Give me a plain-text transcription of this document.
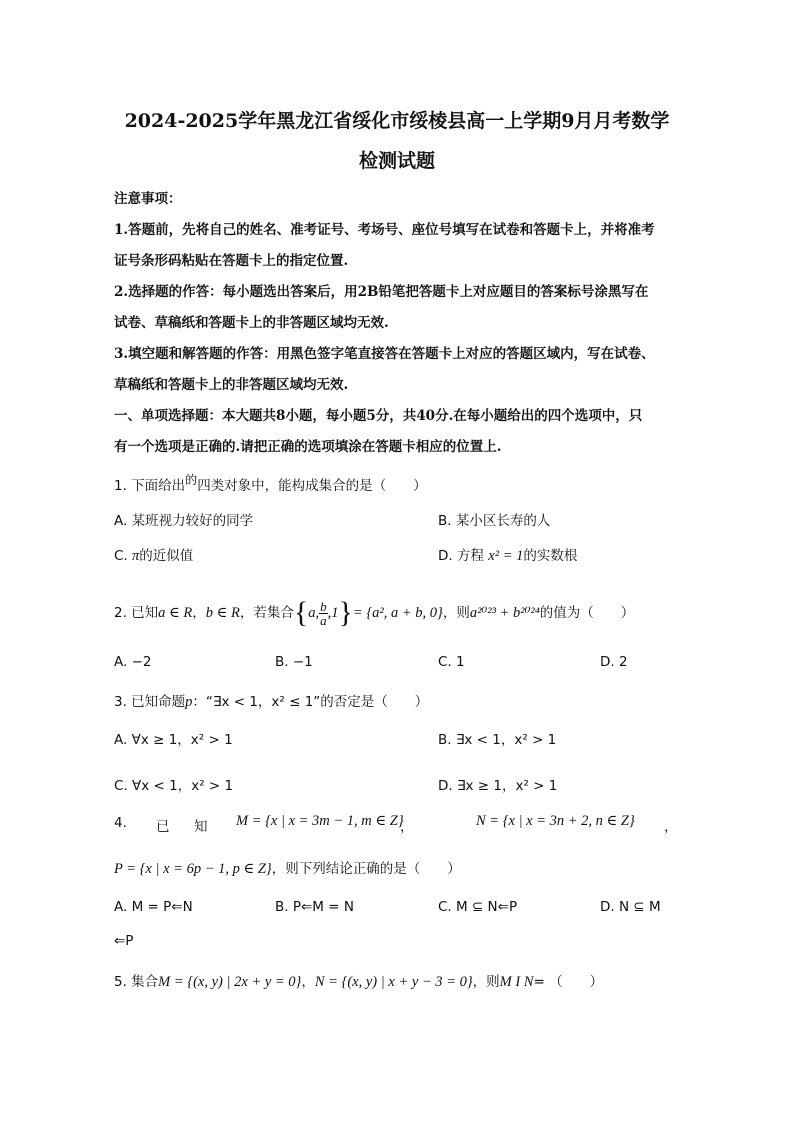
2024-2025学年黑龙江省绥化市绥棱县高一上学期9月月考数学
检测试题
注意事项：
1.答题前，先将自己的姓名、准考证号、考场号、座位号填写在试卷和答题卡上，并将准考
证号条形码粘贴在答题卡上的指定位置.
2.选择题的作答：每小题选出答案后，用2B铅笔把答题卡上对应题目的答案标号涂黑写在
试卷、草稿纸和答题卡上的非答题区域均无效.
3.填空题和解答题的作答：用黑色签字笔直接答在答题卡上对应的答题区域内，写在试卷、
草稿纸和答题卡上的非答题区域均无效.
一、单项选择题：本大题共8小题，每小题5分，共40分.在每小题给出的四个选项中，只
有一个选项是正确的.请把正确的选项填涂在答题卡相应的位置上.
1. 下面给出的四类对象中，能构成集合的是（　　）
A. 某班视力较好的同学	B. 某小区长寿的人
C. π的近似值	D. 方程 x² = 1的实数根
2. 已知a ∈ R，b ∈ R，若集合{a, $\frac{b}{a} ,1\}= \{a^2$, a + b, 0}，则a²⁰²³ + b²⁰²⁴的值为（　　）
A. −2	B. −1	C. 1	D. 2
3. 已知命题p：“∃x < 1，x² ≤ 1”的否定是（　　）
A. ∀x ≥ 1，x² > 1	B. ∃x < 1，x² > 1
C. ∀x < 1，x² > 1	D. ∃x ≥ 1，x² > 1
4. 已 知 M = {x | x = 3m − 1, m ∈ Z}
，	N = {x | x = 3n + 2, n ∈ Z} ，
P = {x | x = 6p − 1, p ∈ Z}，则下列结论正确的是（　　）
A. M = P⇐N	B. P⇐M = N	C. M ⊆ N⇐P	D. N ⊆ M
⇐P
5. 集合M = {(x, y) | 2x + y = 0}，N = {(x, y) | x + y − 3 = 0}，则M I N= （　　）
